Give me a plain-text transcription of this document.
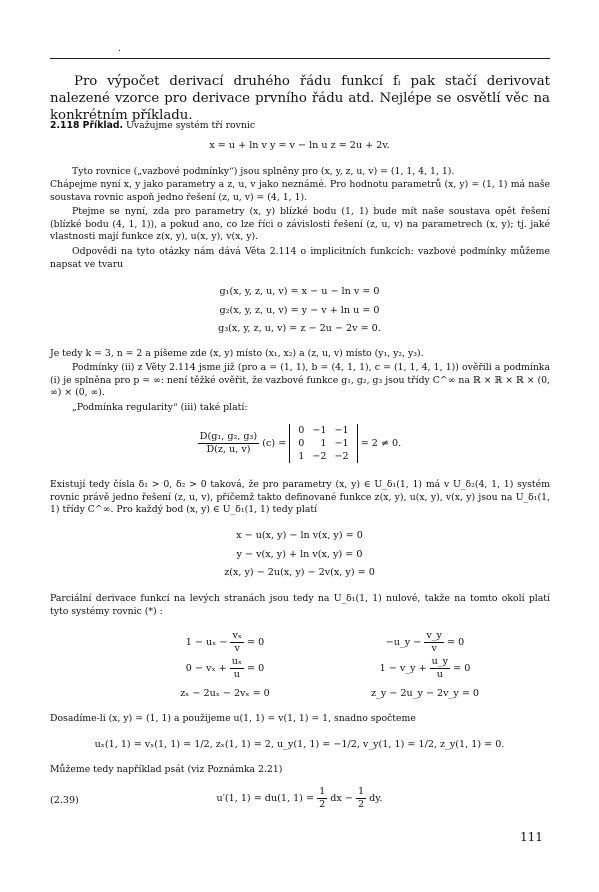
.
Pro výpočet derivací druhého řádu funkcí fᵢ pak stačí derivovat nalezené vzorce pro derivace prvního řádu atd. Nejlépe se osvětlí věc na konkrétním příkladu.
2.118 Příklad. Uvažujme systém tří rovnic
x = u + ln v y = v − ln u z = 2u + 2v.
Tyto rovnice („vazbové podmínky“) jsou splněny pro (x, y, z, u, v) = (1, 1, 4, 1, 1).
Chápejme nyní x, y jako parametry a z, u, v jako neznámé. Pro hodnotu parametrů (x, y) = (1, 1) má naše soustava rovnic aspoň jedno řešení (z, u, v) = (4, 1, 1).
Ptejme se nyní, zda pro parametry (x, y) blízké bodu (1, 1) bude mít naše soustava opět řešení (blízké bodu (4, 1, 1)), a pokud ano, co lze říci o závislosti řešení (z, u, v) na parametrech (x, y); tj. jaké vlastnosti mají funkce z(x, y), u(x, y), v(x, y).
Odpovědi na tyto otázky nám dává Věta 2.114 o implicitních funkcích: vazbové podmínky můžeme napsat ve tvaru
g₁(x, y, z, u, v) = x − u − ln v = 0
g₂(x, y, z, u, v) = y − v + ln u = 0
g₃(x, y, z, u, v) = z − 2u − 2v = 0.
Je tedy k = 3, n = 2 a píšeme zde (x, y) místo (x₁, x₂) a (z, u, v) místo (y₁, y₂, y₃).
Podmínky (ii) z Věty 2.114 jsme již (pro a = (1, 1), b = (4, 1, 1), c = (1, 1, 4, 1, 1)) ověřili a podmínka (i) je splněna pro p = ∞: není těžké ověřit, že vazbové funkce g₁, g₂, g₃ jsou třídy C^∞ na ℝ × ℝ × ℝ × (0, ∞) × (0, ∞).
„Podmínka regularity“ (iii) také platí:
$\frac{\text{D(g₁, g₂, g₃)}}{D(z, u, v)} (c)$ =
0	−1	−1
0	1	−1
1	−2	−2
= 2 ≠ 0.
Existují tedy čísla δ₁ > 0, δ₂ > 0 taková, že pro parametry (x, y) ∈ U_δ₁(1, 1) má v U_δ₂(4, 1, 1) systém rovnic právě jedno řešení (z, u, v), přičemž takto definované funkce z(x, y), u(x, y), v(x, y) jsou na U_δ₁(1, 1) třídy C^∞. Pro každý bod (x, y) ∈ U_δ₁(1, 1) tedy platí
x − u(x, y) − ln v(x, y) = 0
y − v(x, y) + ln v(x, y) = 0
z(x, y) − 2u(x, y) − 2v(x, y) = 0
Parciální derivace funkcí na levých stranách jsou tedy na U_δ₁(1, 1) nulové, takže na tomto okolí platí tyto systémy rovnic (*) :
$1 - u_x - \frac{\text{vₓ}}{v} = 0$
$0 - v_x + \frac{\text{uₓ}}{u} = 0$
zₓ − 2uₓ − 2vₓ = 0
−u_y − $\frac{v\_y}{v} = 0$
1 − v_y + $\frac{u\_y}{u} = 0$
z_y − 2u_y − 2v_y = 0
Dosadíme-li (x, y) = (1, 1) a použijeme u(1, 1) = v(1, 1) = 1, snadno spočteme
uₓ(1, 1) = vₓ(1, 1) = 1/2, zₓ(1, 1) = 2, u_y(1, 1) = −1/2, v_y(1, 1) = 1/2, z_y(1, 1) = 0.
Můžeme tedy například psát (viz Poznámka 2.21)
(2.39)	u′(1, 1) = du(1, $1) = \frac{1}{2}$ dx − $\frac{1}{2}$ dy.
111
